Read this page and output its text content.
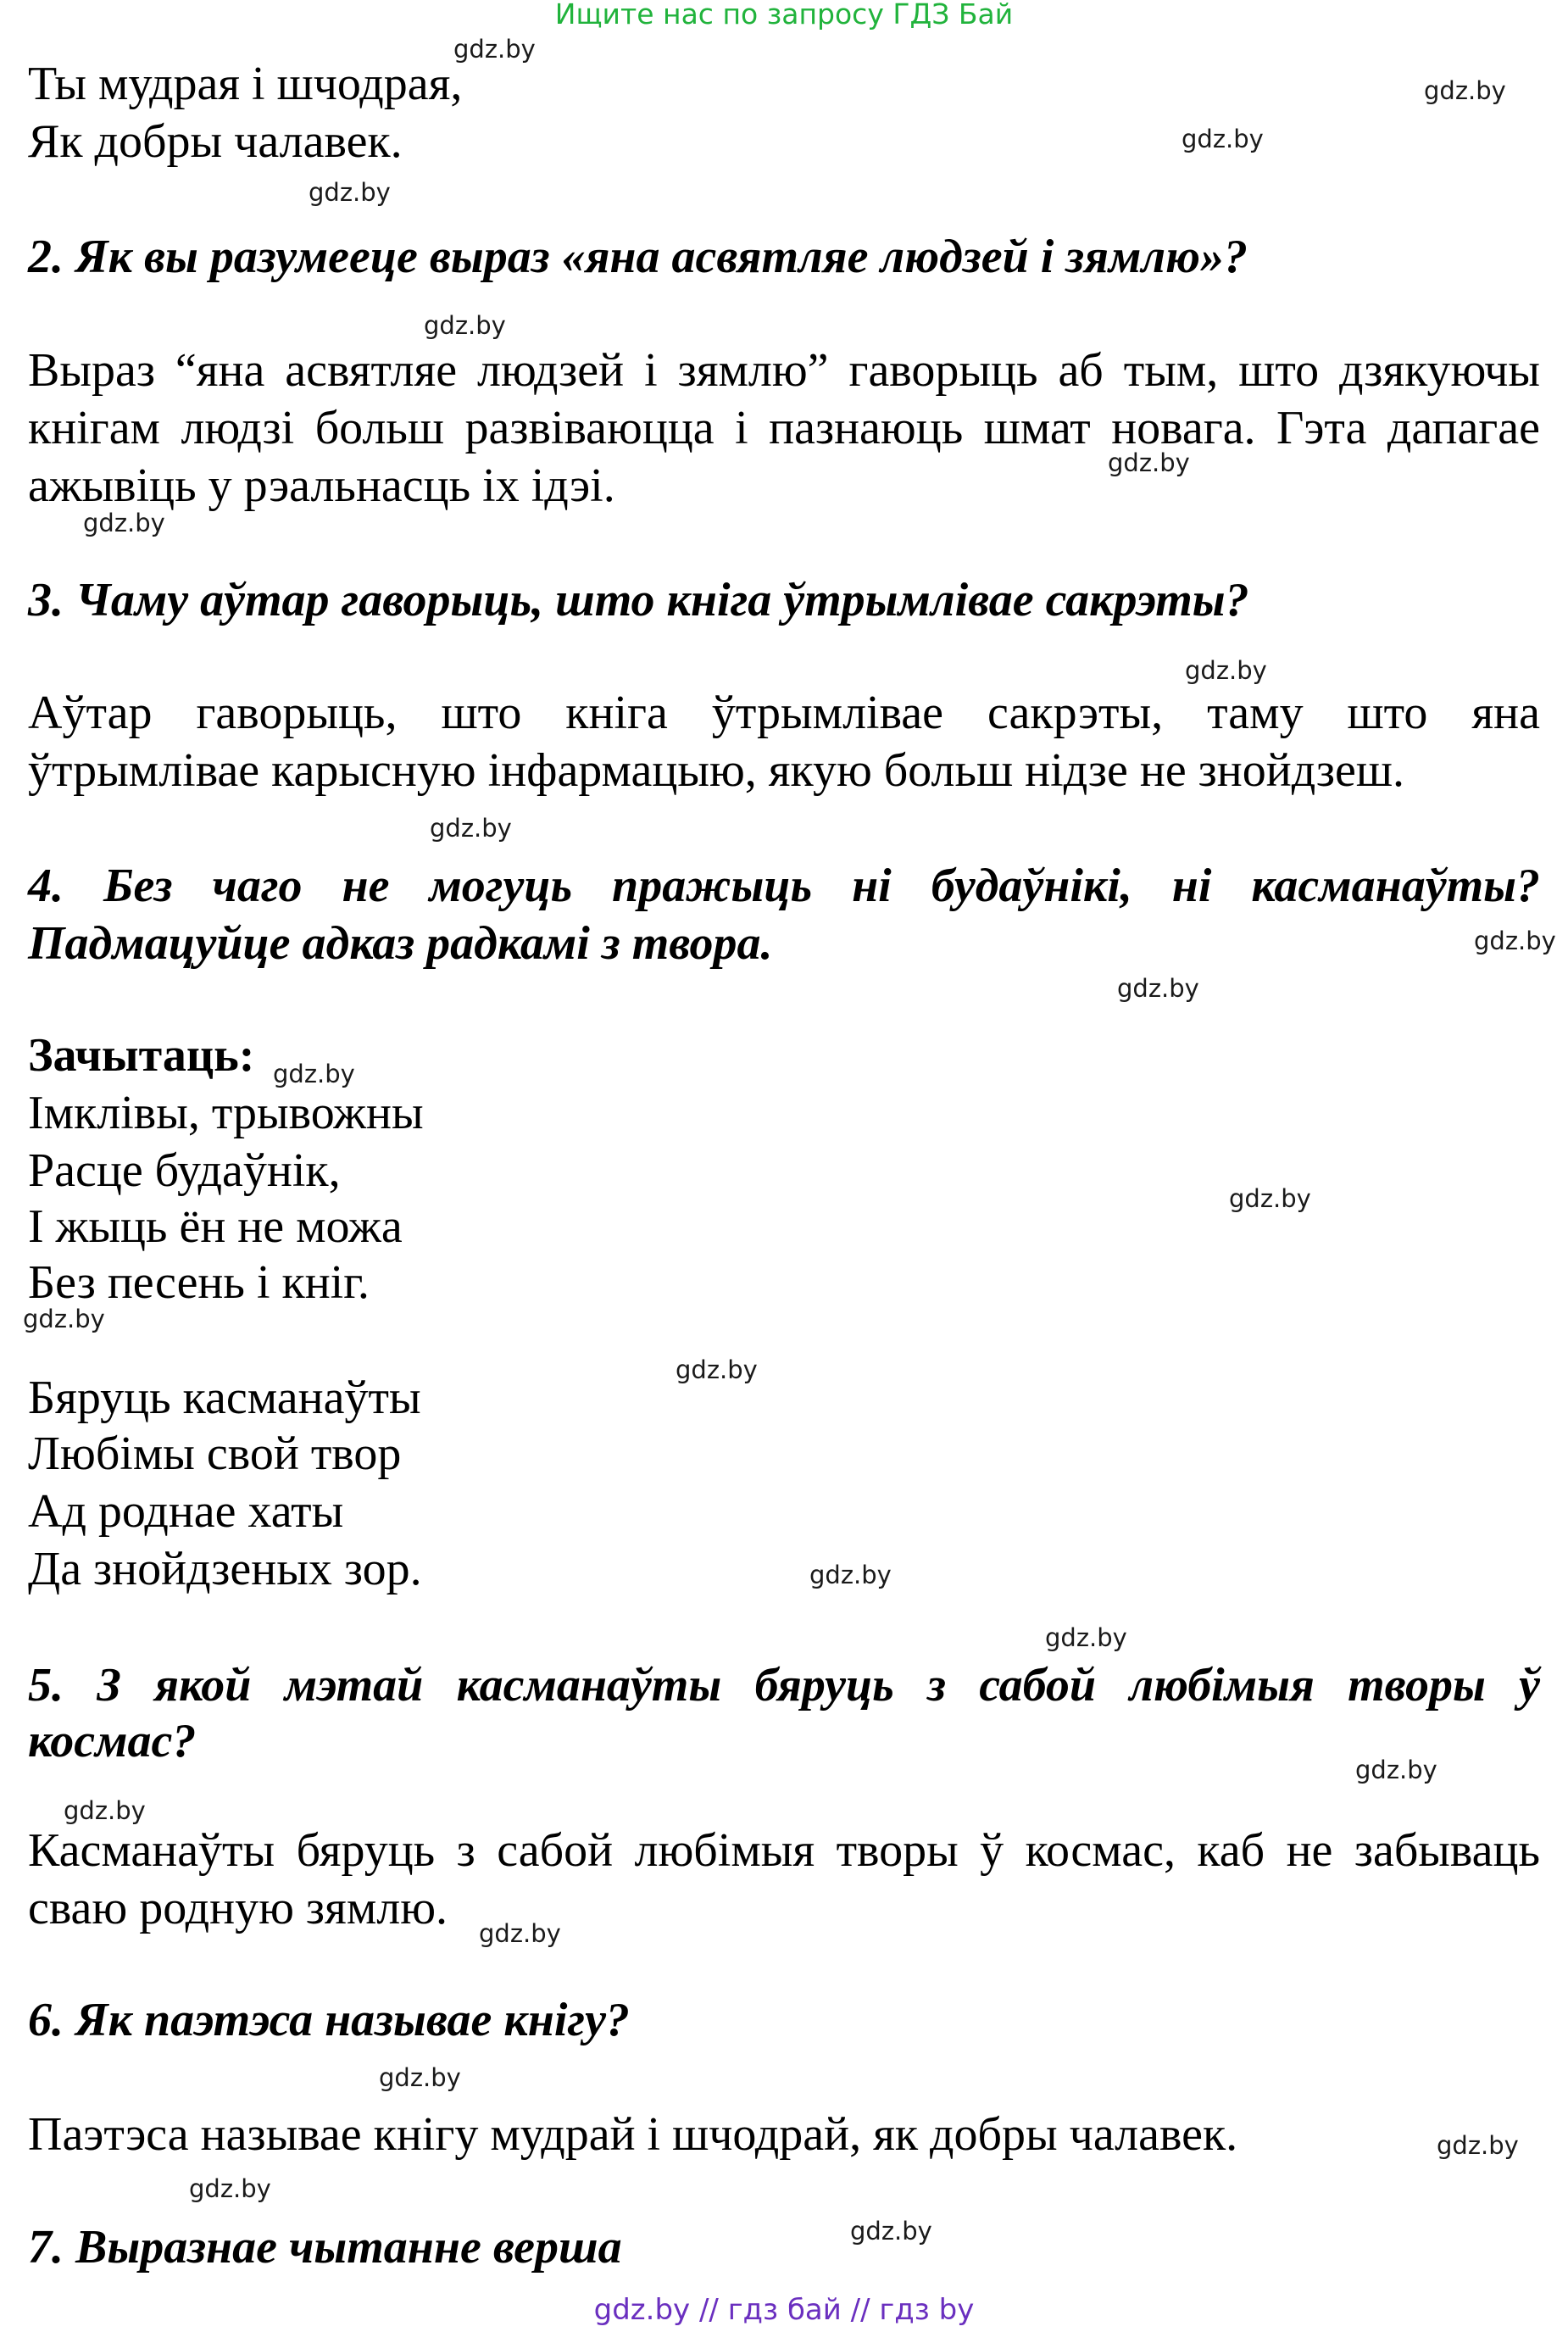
Ищите нас по запросу ГДЗ Бай
Ты мудрая і шчодрая,
Як добры чалавек.
2. Як вы разумееце выраз «яна асвятляе людзей і зямлю»?
Выраз “яна асвятляе людзей і зямлю” гаворыць аб тым, што дзякуючы
кнігам людзі больш развіваюцца і пазнаюць шмат новага. Гэта дапагае
ажывіць у рэальнасць іх ідэі.
3. Чаму аўтар гаворыць, што кніга ўтрымлівае сакрэты?
Аўтар гаворыць, што кніга ўтрымлівае сакрэты, таму што яна
ўтрымлівае карысную інфармацыю, якую больш нідзе не знойдзеш.
4. Без чаго не могуць пражыць ні будаўнікі, ні касманаўты?
Падмацуйце адказ радкамі з твора.
Зачытаць:
Імклівы, трывожны
Расце будаўнік,
І жыць ён не можа
Без песень і кніг.
Бяруць касманаўты
Любімы свой твор
Ад роднае хаты
Да знойдзеных зор.
5. З якой мэтай касманаўты бяруць з сабой любімыя творы ў
космас?
Касманаўты бяруць з сабой любімыя творы ў космас, каб не забываць
сваю родную зямлю.
6. Як паэтэса называе кнігу?
Паэтэса называе кнігу мудрай і шчодрай, як добры чалавек.
7. Выразнае чытанне верша
gdz.by
gdz.by
gdz.by
gdz.by
gdz.by
gdz.by
gdz.by
gdz.by
gdz.by
gdz.by
gdz.by
gdz.by
gdz.by
gdz.by
gdz.by
gdz.by
gdz.by
gdz.by
gdz.by
gdz.by
gdz.by
gdz.by
gdz.by
gdz.by
gdz.by // гдз бай // гдз by
